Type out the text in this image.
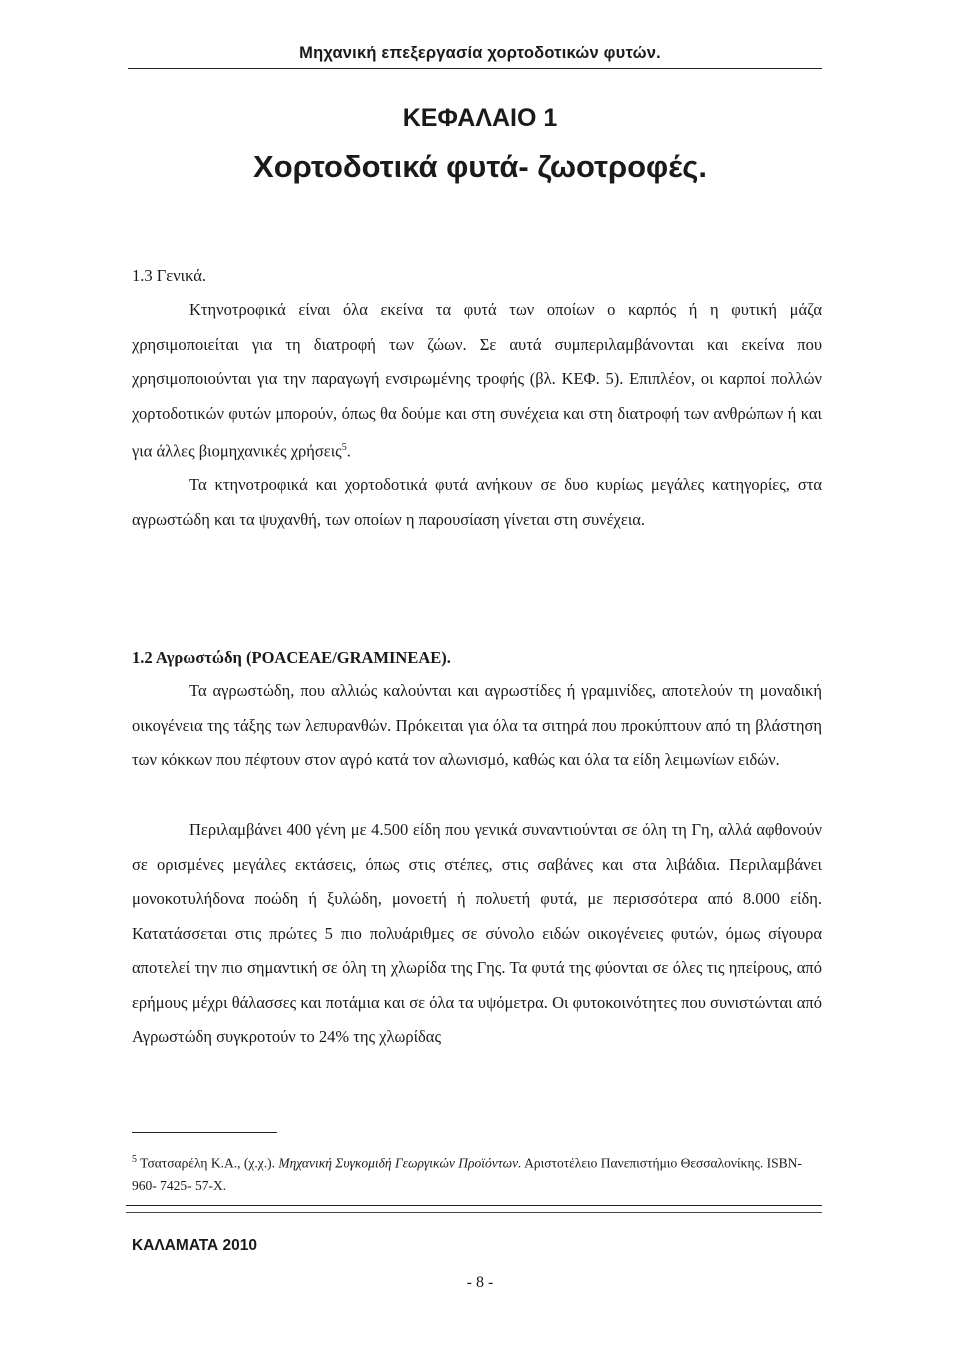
Μηχανική επεξεργασία χορτοδοτικών φυτών.
ΚΕΦΑΛΑΙΟ 1
Χορτοδοτικά φυτά- ζωοτροφές.
1.3 Γενικά.

Κτηνοτροφικά είναι όλα εκείνα τα φυτά των οποίων ο καρπός ή η φυτική μάζα χρησιμοποιείται για τη διατροφή των ζώων. Σε αυτά συμπεριλαμβάνονται και εκείνα που χρησιμοποιούνται για την παραγωγή ενσιρωμένης τροφής (βλ. ΚΕΦ. 5). Επιπλέον, οι καρποί πολλών χορτοδοτικών φυτών μπορούν, όπως θα δούμε και στη συνέχεια και στη διατροφή των ανθρώπων ή και για άλλες βιομηχανικές χρήσεις$^5$.

Τα κτηνοτροφικά και χορτοδοτικά φυτά ανήκουν σε δυο κυρίως μεγάλες κατηγορίες, στα αγρωστώδη και τα ψυχανθή, των οποίων η παρουσίαση γίνεται στη συνέχεια.

1.2 Αγρωστώδη (POACEAE/GRAMINEAE).

Τα αγρωστώδη, που αλλιώς καλούνται και αγρωστίδες ή γραμινίδες, αποτελούν τη μοναδική οικογένεια της τάξης των λεπυρανθών. Πρόκειται για όλα τα σιτηρά που προκύπτουν από τη βλάστηση των κόκκων που πέφτουν στον αγρό κατά τον αλωνισμό, καθώς και όλα τα είδη λειμωνίων ειδών.

Περιλαμβάνει 400 γένη με 4.500 είδη που γενικά συναντιούνται σε όλη τη Γη, αλλά αφθονούν σε ορισμένες μεγάλες εκτάσεις, όπως στις στέπες, στις σαβάνες και στα λιβάδια. Περιλαμβάνει μονοκοτυλήδονα ποώδη ή ξυλώδη, μονοετή ή πολυετή φυτά, με περισσότερα από 8.000 είδη. Κατατάσσεται στις πρώτες 5 πιο πολυάριθμες σε σύνολο ειδών οικογένειες φυτών, όμως σίγουρα αποτελεί την πιο σημαντική σε όλη τη χλωρίδα της Γης. Τα φυτά της φύονται σε όλες τις ηπείρους, από ερήμους μέχρι θάλασσες και ποτάμια και σε όλα τα υψόμετρα. Οι φυτοκοινότητες που συνιστώνται από Αγρωστώδη συγκροτούν το 24% της χλωρίδας

$^5$ Τσατσαρέλη Κ.Α., (χ.χ.). Μηχανική Συγκομιδή Γεωργικών Προϊόντων. Αριστοτέλειο Πανεπιστήμιο Θεσσαλονίκης. ISBN- 960- 7425- 57-Χ.

ΚΑΛΑΜΑΤΑ 2010
- 8 -
